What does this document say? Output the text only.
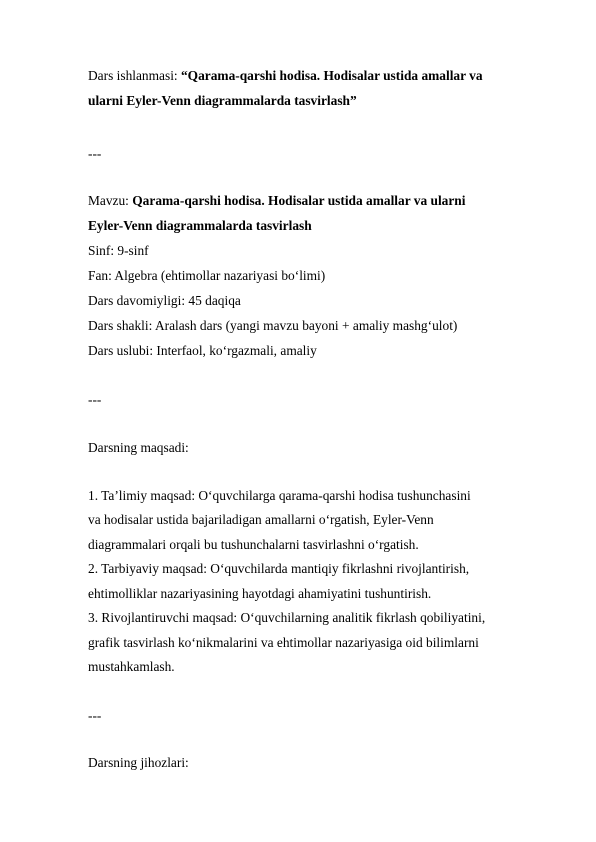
Dars ishlanmasi: “Qarama-qarshi hodisa. Hodisalar ustida amallar va

ularni Eyler-Venn diagrammalarda tasvirlash”

---

Mavzu: Qarama-qarshi hodisa. Hodisalar ustida amallar va ularni

Eyler-Venn diagrammalarda tasvirlash

Sinf: 9-sinf

Fan: Algebra (ehtimollar nazariyasi bo‘limi)

Dars davomiyligi: 45 daqiqa

Dars shakli: Aralash dars (yangi mavzu bayoni + amaliy mashg‘ulot)

Dars uslubi: Interfaol, ko‘rgazmali, amaliy

---

Darsning maqsadi:

1. Ta’limiy maqsad: O‘quvchilarga qarama-qarshi hodisa tushunchasini

va hodisalar ustida bajariladigan amallarni o‘rgatish, Eyler-Venn

diagrammalari orqali bu tushunchalarni tasvirlashni o‘rgatish.

2. Tarbiyaviy maqsad: O‘quvchilarda mantiqiy fikrlashni rivojlantirish,

ehtimolliklar nazariyasining hayotdagi ahamiyatini tushuntirish.

3. Rivojlantiruvchi maqsad: O‘quvchilarning analitik fikrlash qobiliyatini,

grafik tasvirlash ko‘nikmalarini va ehtimollar nazariyasiga oid bilimlarni

mustahkamlash.

---

Darsning jihozlari:
